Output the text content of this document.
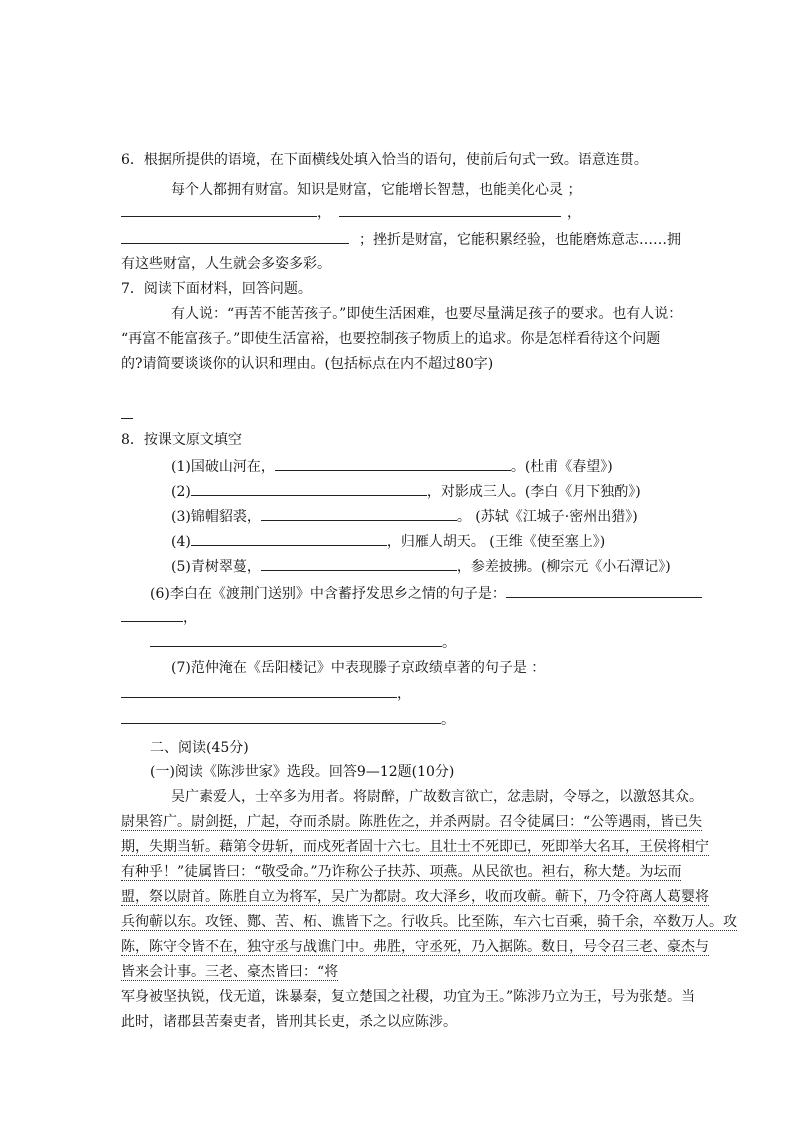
6．根据所提供的语境，在下面横线处填入恰当的语句，使前后句式一致。语意连贯。
每个人都拥有财富。知识是财富，它能增长智慧，也能美化心灵 ；
，	，
；挫折是财富，它能积累经验，也能磨炼意志……拥
有这些财富，人生就会多姿多彩。
7．阅读下面材料，回答问题。
有人说：“再苦不能苦孩子。”即使生活困难，也要尽量满足孩子的要求。也有人说：
“再富不能富孩子。”即使生活富裕，也要控制孩子物质上的追求。你是怎样看待这个问题
的?请简要谈谈你的认识和理由。(包括标点在内不超过80字)
8．按课文原文填空
(1)国破山河在，	。(杜甫《春望》)
(2)	，对影成三人。(李白《月下独酌》)
(3)锦帽貂裘，	。 (苏轼《江城子·密州出猎》)
(4)	，归雁人胡天。 (王维《使至塞上》)
(5)青树翠蔓，	，参差披拂。(柳宗元《小石潭记》)
(6)李白在《渡荆门送别》中含蓄抒发思乡之情的句子是：
，
。
(7)范仲淹在《岳阳楼记》中表现滕子京政绩卓著的句子是 ：
，
。
二、阅读(45分)
(一)阅读《陈涉世家》选段。回答9—12题(10分)
吴广素爱人，士卒多为用者。将尉醉，广故数言欲亡，忿恚尉，令辱之，以激怒其众。
尉果笞广。尉剑挺，广起，夺而杀尉。陈胜佐之，并杀两尉。召令徒属曰：“公等遇雨，皆已失
期，失期当斩。藉第令毋斩，而戍死者固十六七。且壮士不死即已，死即举大名耳，王侯将相宁
有种乎！”徒属皆曰：“敬受命。”乃诈称公子扶苏、项燕。从民欲也。袒右，称大楚。为坛而
盟，祭以尉首。陈胜自立为将军，吴广为都尉。攻大泽乡，收而攻蕲。蕲下，乃令符离人葛婴将
兵徇蕲以东。攻铚、酂、苦、柘、谯皆下之。行收兵。比至陈，车六七百乘，骑千余，卒数万人。攻
陈，陈守令皆不在，独守丞与战谯门中。弗胜，守丞死，乃入据陈。数日，号令召三老、豪杰与
皆来会计事。三老、豪杰皆曰：“将
军身被坚执锐，伐无道，诛暴秦，复立楚国之社稷，功宜为王。”陈涉乃立为王，号为张楚。当
此时，诸郡县苦秦吏者，皆刑其长吏，杀之以应陈涉。
